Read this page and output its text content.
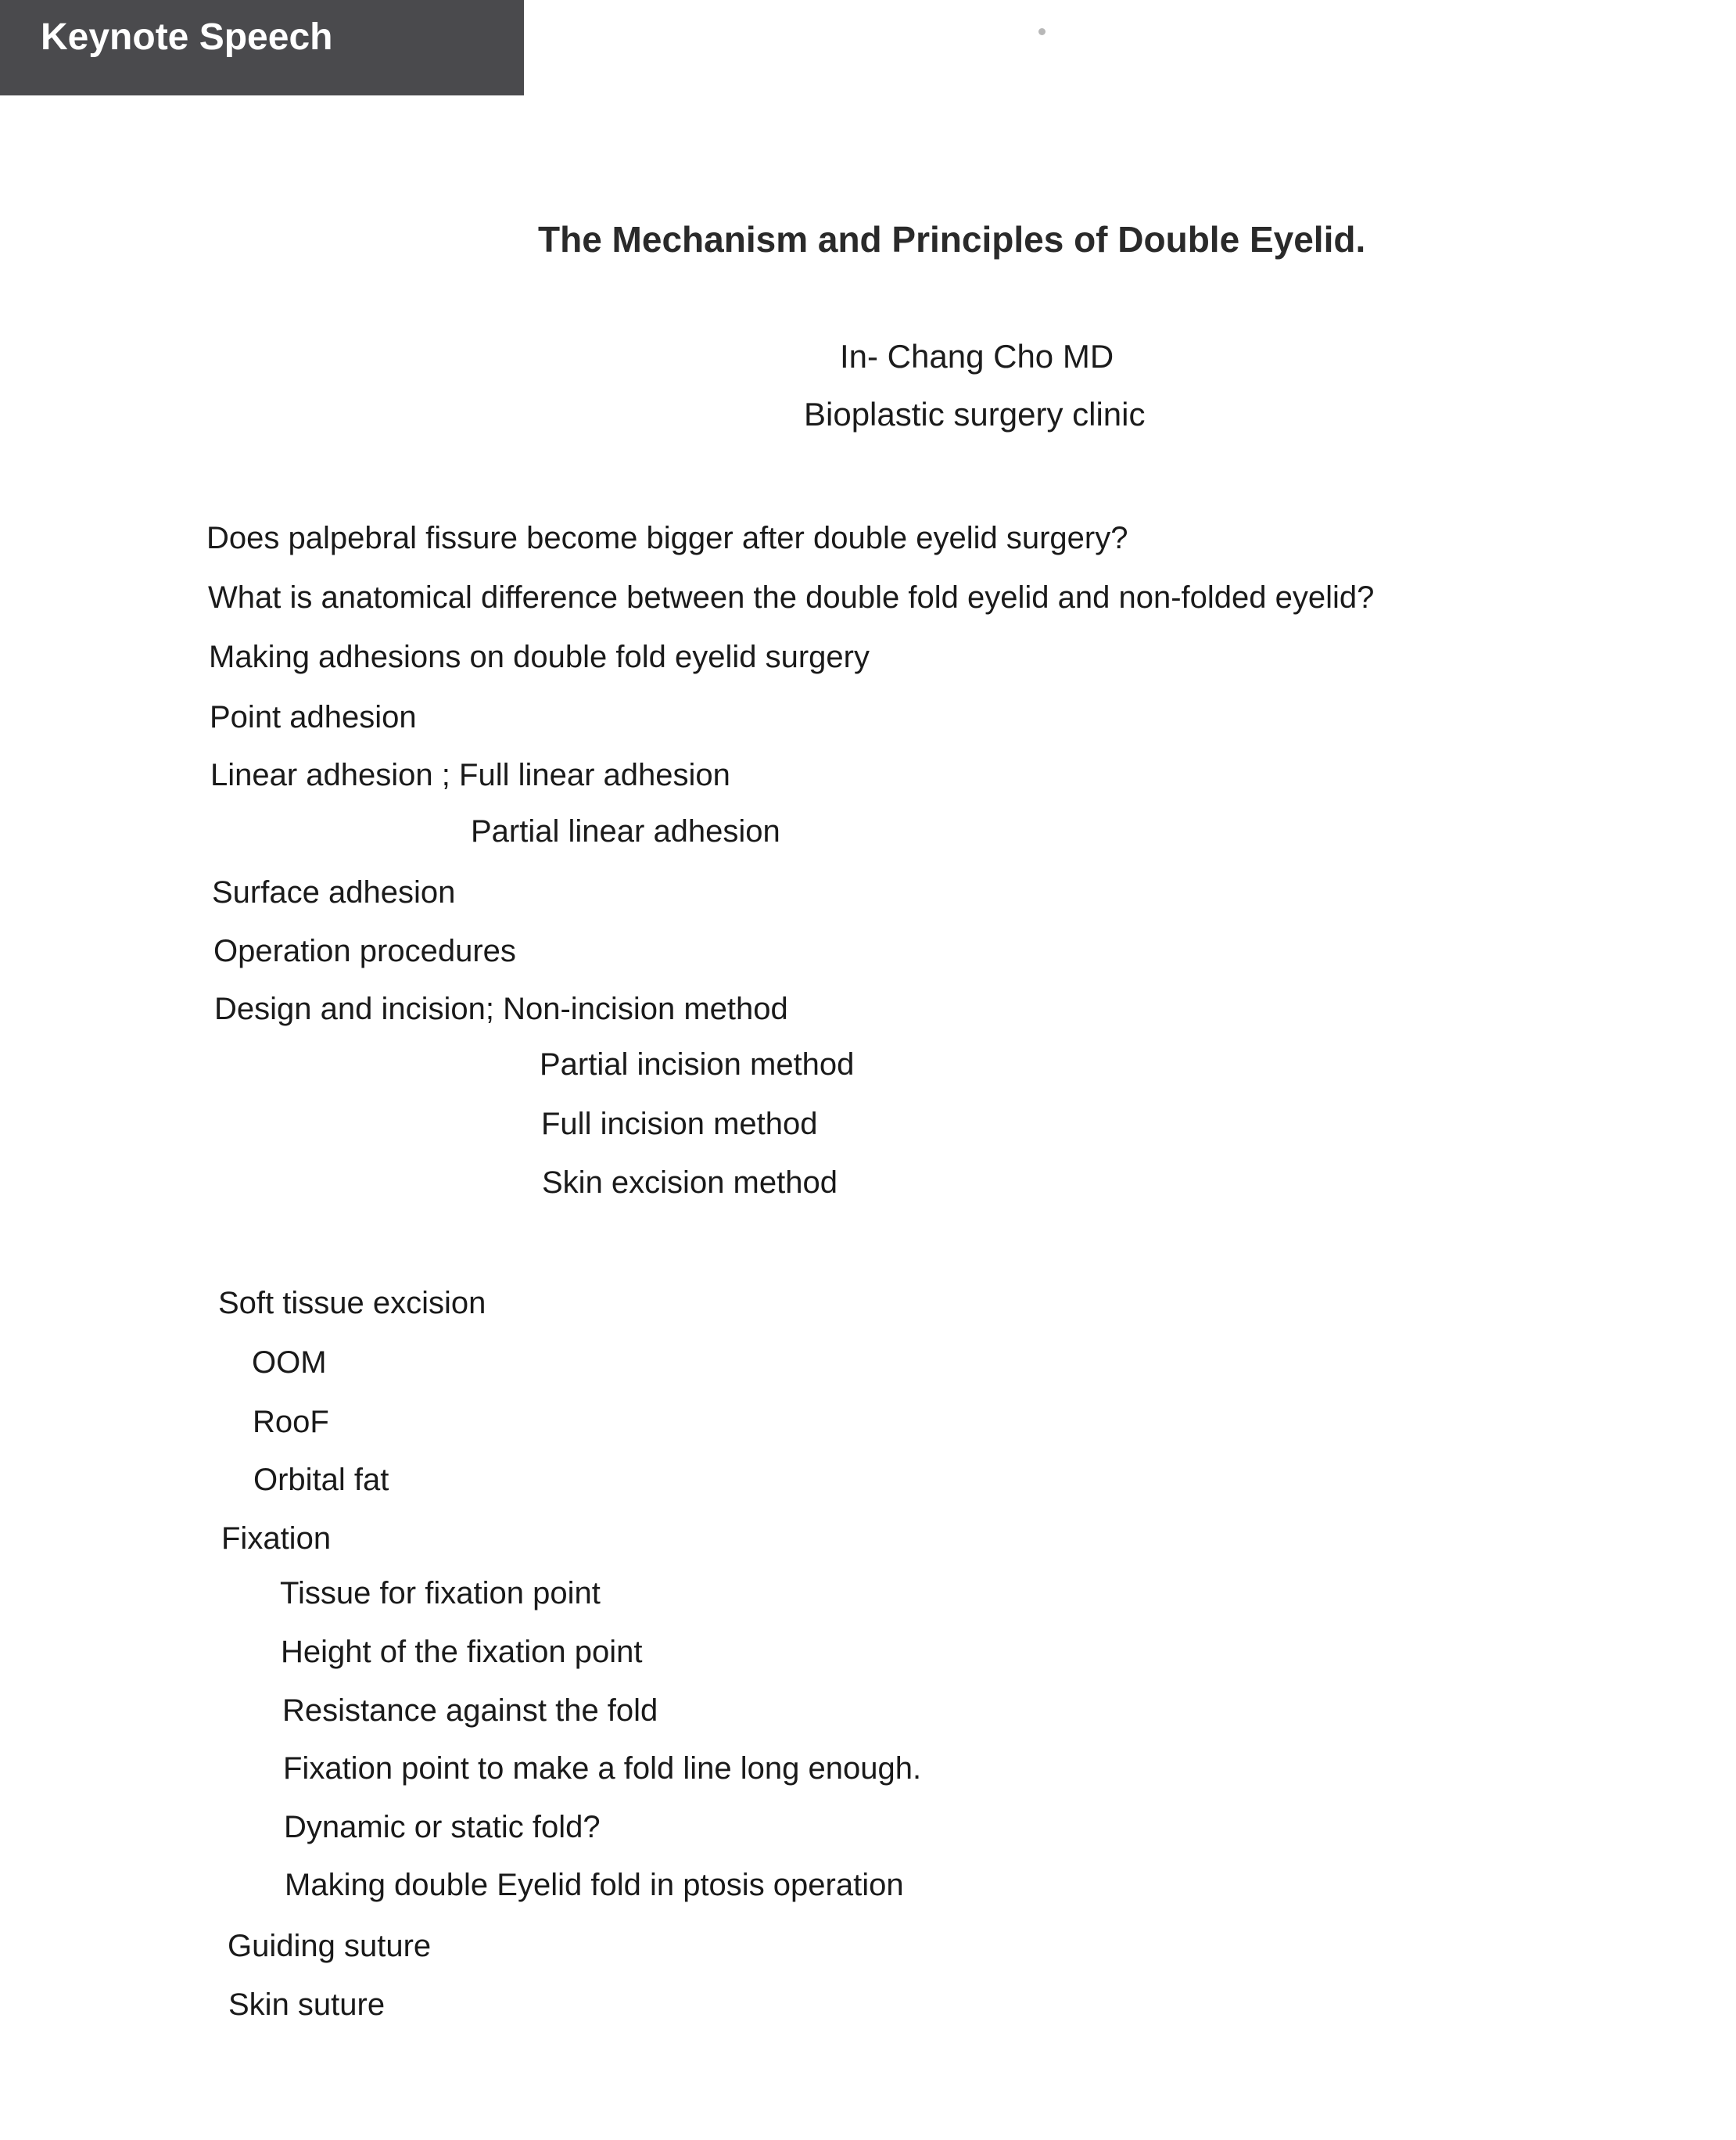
Keynote Speech
The Mechanism and Principles of Double Eyelid.
In- Chang Cho MD
Bioplastic surgery clinic
Does palpebral fissure become bigger after double eyelid surgery?
What is anatomical difference between the double fold eyelid and non-folded eyelid?
Making adhesions on double fold eyelid surgery
Point adhesion
Linear adhesion ; Full linear adhesion
Partial linear adhesion
Surface adhesion
Operation procedures
Design and incision; Non-incision method
Partial incision method
Full incision method
Skin excision method
Soft tissue excision
OOM
RooF
Orbital fat
Fixation
Tissue for fixation point
Height of the fixation point
Resistance against the fold
Fixation point to make a fold line long enough.
Dynamic or static fold?
Making double Eyelid fold in ptosis operation
Guiding suture
Skin suture
